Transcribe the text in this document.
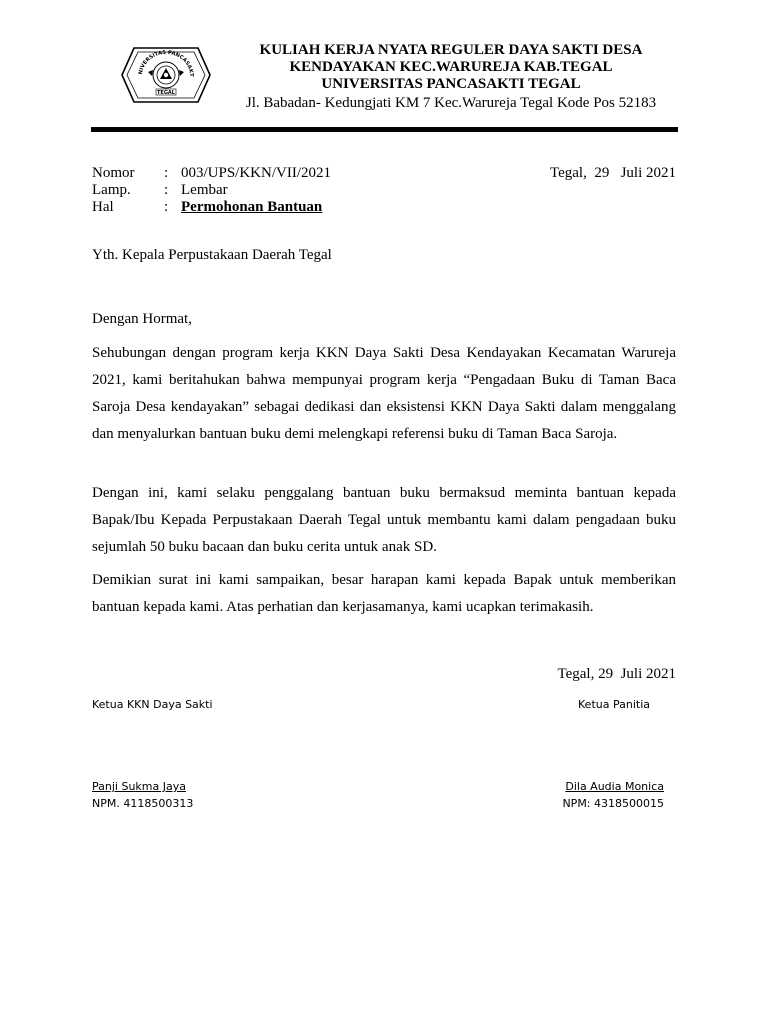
NIVERSITAS PANCASAKT
TEGAL
KULIAH KERJA NYATA REGULER DAYA SAKTI DESA
KENDAYAKAN KEC.WARUREJA KAB.TEGAL
UNIVERSITAS PANCASAKTI TEGAL
Jl. Babadan- Kedungjati KM 7 Kec.Warureja Tegal Kode Pos 52183
Nomor : 003/UPS/KKN/VII/2021
Lamp. : Lembar
Hal	: Permohonan Bantuan
Tegal,  29   Juli 2021
Yth. Kepala Perpustakaan Daerah Tegal
Dengan Hormat,
Sehubungan dengan program kerja KKN Daya Sakti Desa Kendayakan Kecamatan Warureja 2021, kami beritahukan bahwa mempunyai program kerja “Pengadaan Buku di Taman Baca Saroja Desa kendayakan” sebagai dedikasi dan eksistensi KKN Daya Sakti dalam menggalang dan menyalurkan bantuan buku demi melengkapi referensi buku di Taman Baca Saroja.
Dengan ini, kami selaku penggalang bantuan buku bermaksud meminta bantuan kepada Bapak/Ibu Kepada Perpustakaan Daerah Tegal untuk membantu kami dalam pengadaan buku sejumlah 50 buku bacaan dan buku cerita untuk anak SD.
Demikian surat ini kami sampaikan, besar harapan kami kepada Bapak untuk memberikan bantuan kepada kami. Atas perhatian dan kerjasamanya, kami ucapkan terimakasih.
Tegal, 29  Juli 2021
Ketua KKN Daya Sakti	Ketua Panitia
Panji Sukma Jaya
NPM. 4118500313
Dila Audia Monica
NPM: 4318500015
